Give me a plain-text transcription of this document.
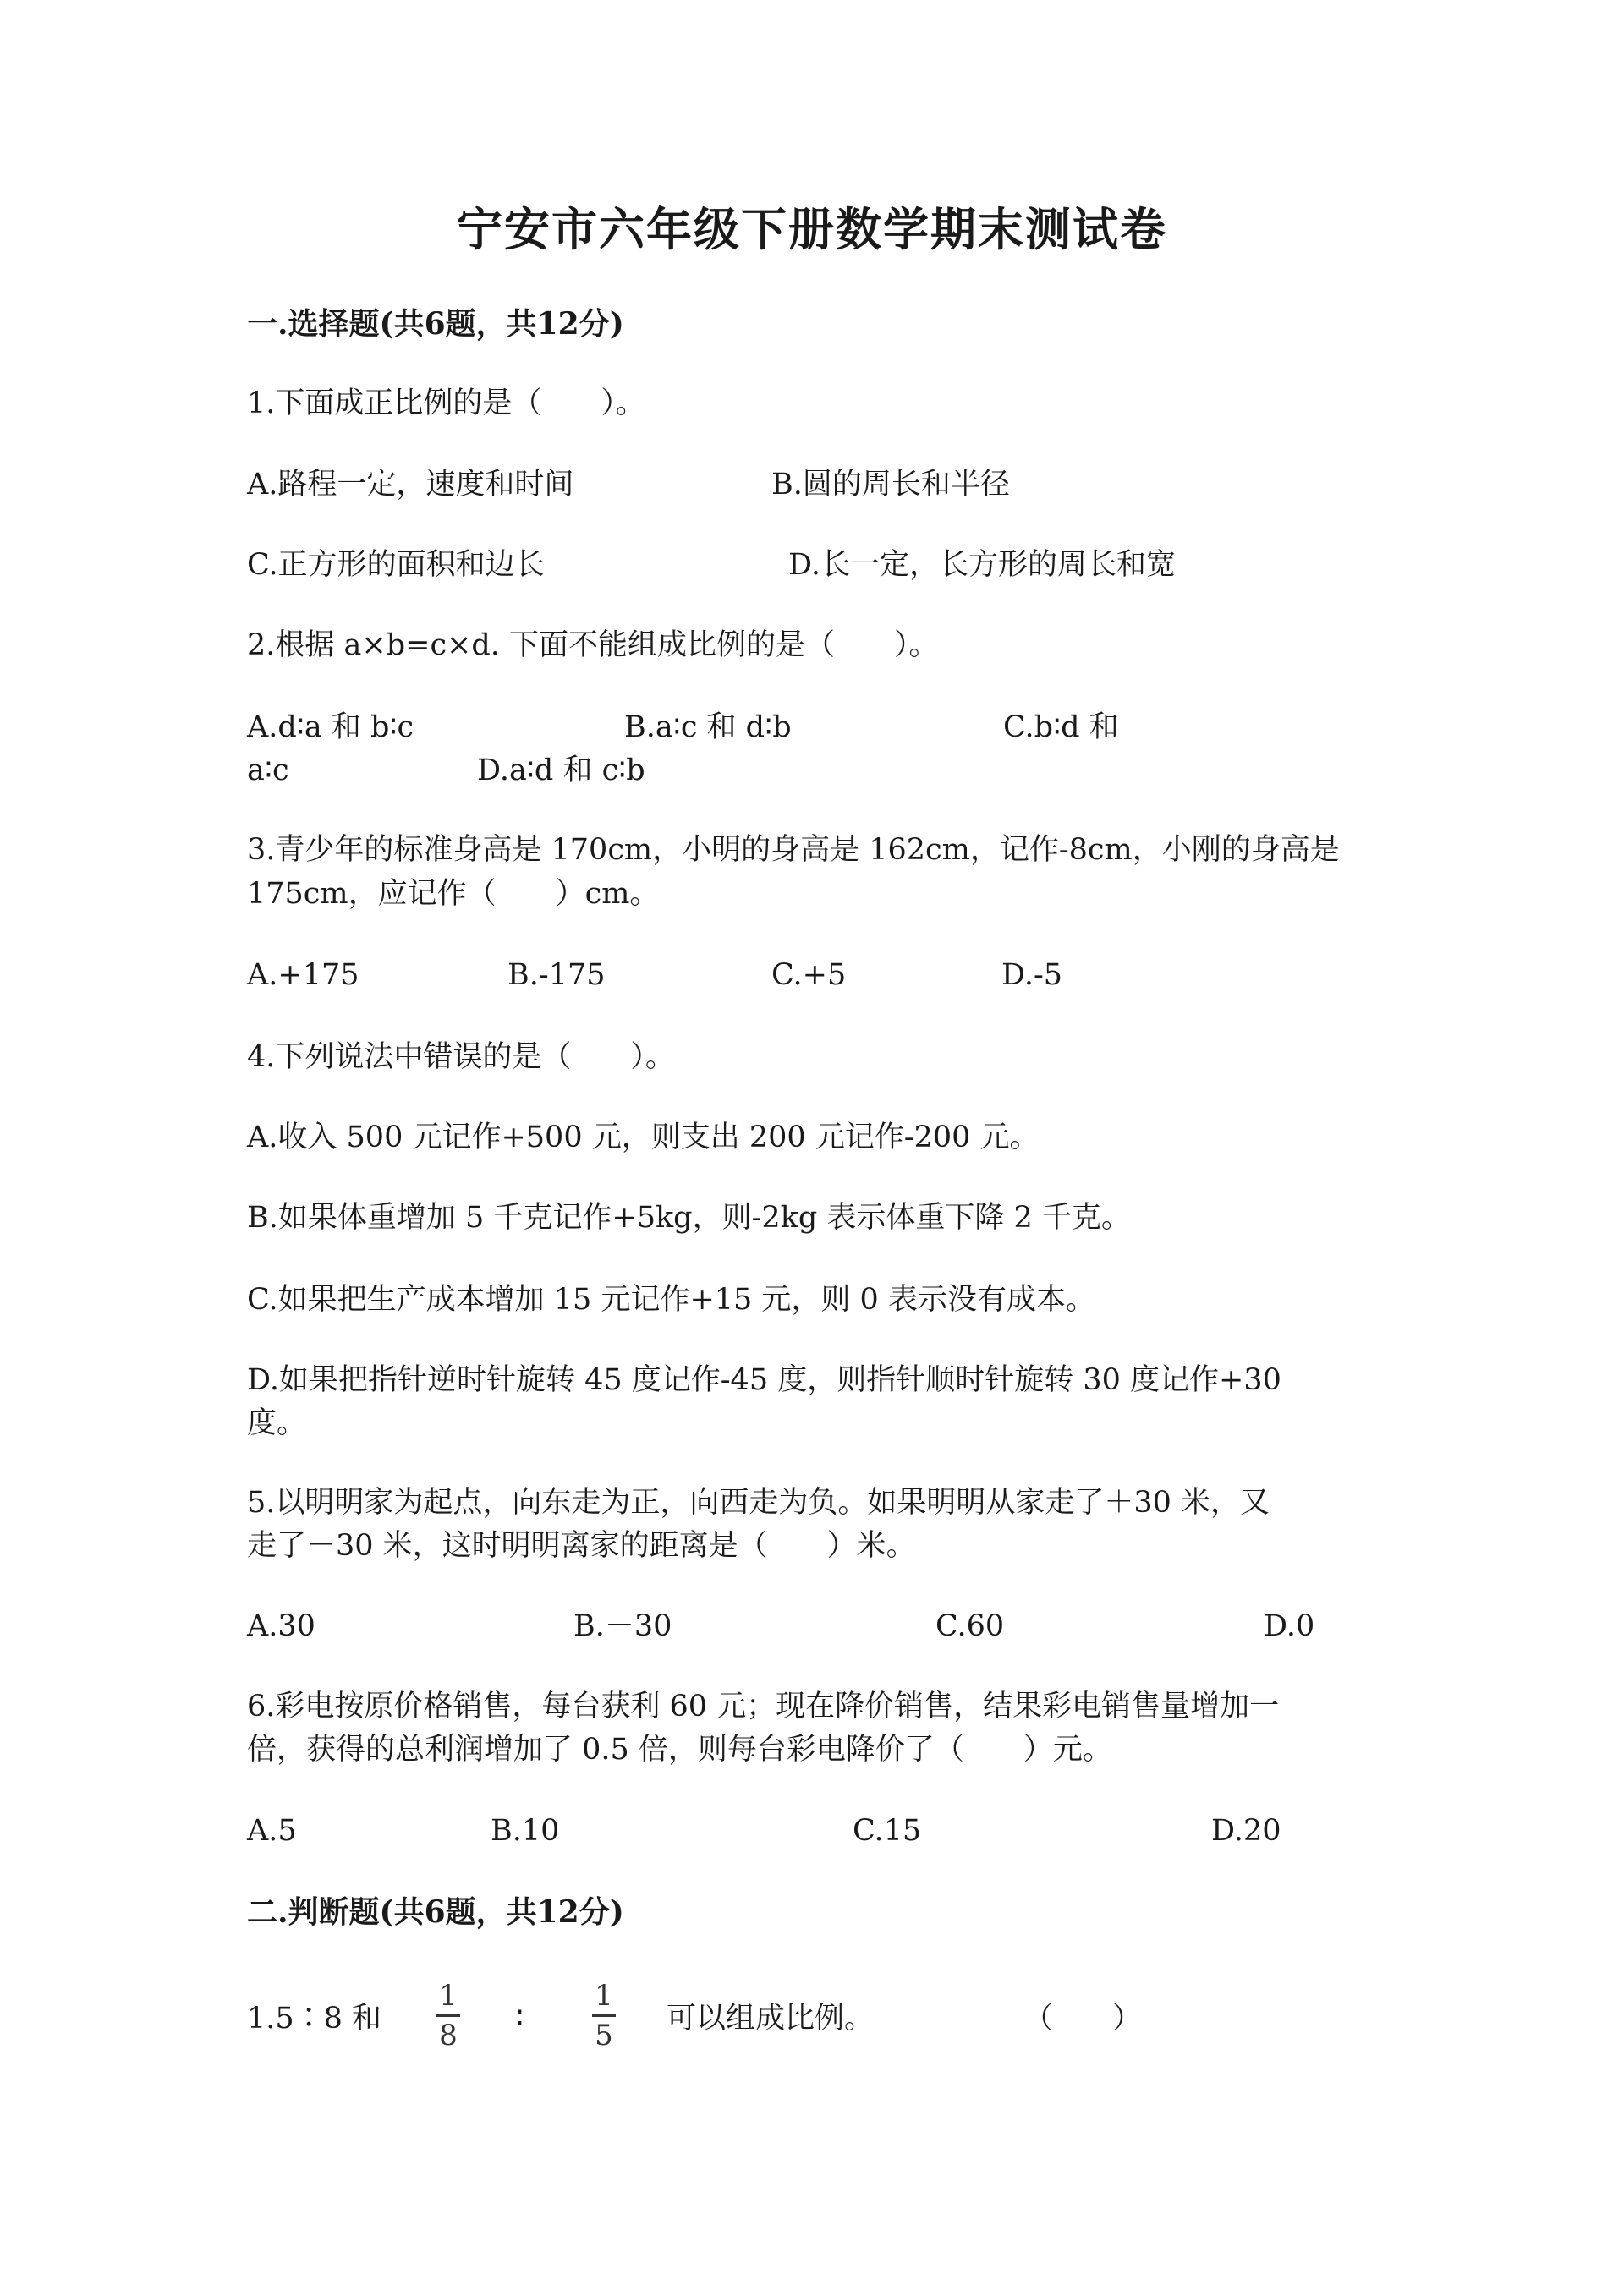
宁安市六年级下册数学期末测试卷
一.选择题(共6题，共12分)
1.下面成正比例的是（　　）。
A.路程一定，速度和时间	B.圆的周长和半径
C.正方形的面积和边长	D.长一定，长方形的周长和宽
2.根据 a×b=c×d. 下面不能组成比例的是（　　）。
A.d∶a 和 b∶c	B.a∶c 和 d∶b	C.b∶d 和
a∶c	D.a∶d 和 c∶b
3.青少年的标准身高是 170cm，小明的身高是 162cm，记作-8cm，小刚的身高是
175cm，应记作（　　）cm。
A.+175	B.-175	C.+5	D.-5
4.下列说法中错误的是（　　）。
A.收入 500 元记作+500 元，则支出 200 元记作-200 元。
B.如果体重增加 5 千克记作+5kg，则-2kg 表示体重下降 2 千克。
C.如果把生产成本增加 15 元记作+15 元，则 0 表示没有成本。
D.如果把指针逆时针旋转 45 度记作-45 度，则指针顺时针旋转 30 度记作+30
度。
5.以明明家为起点，向东走为正，向西走为负。如果明明从家走了＋30 米，又
走了－30 米，这时明明离家的距离是（　　）米。
A.30	B.－30	C.60	D.0
6.彩电按原价格销售，每台获利 60 元；现在降价销售，结果彩电销售量增加一
倍，获得的总利润增加了 0.5 倍，则每台彩电降价了（　　）元。
A.5	B.10	C.15	D.20
二.判断题(共6题，共12分)
1.5∶8 和
1
8 ∶
1
5 可以组成比例。	（　　）
